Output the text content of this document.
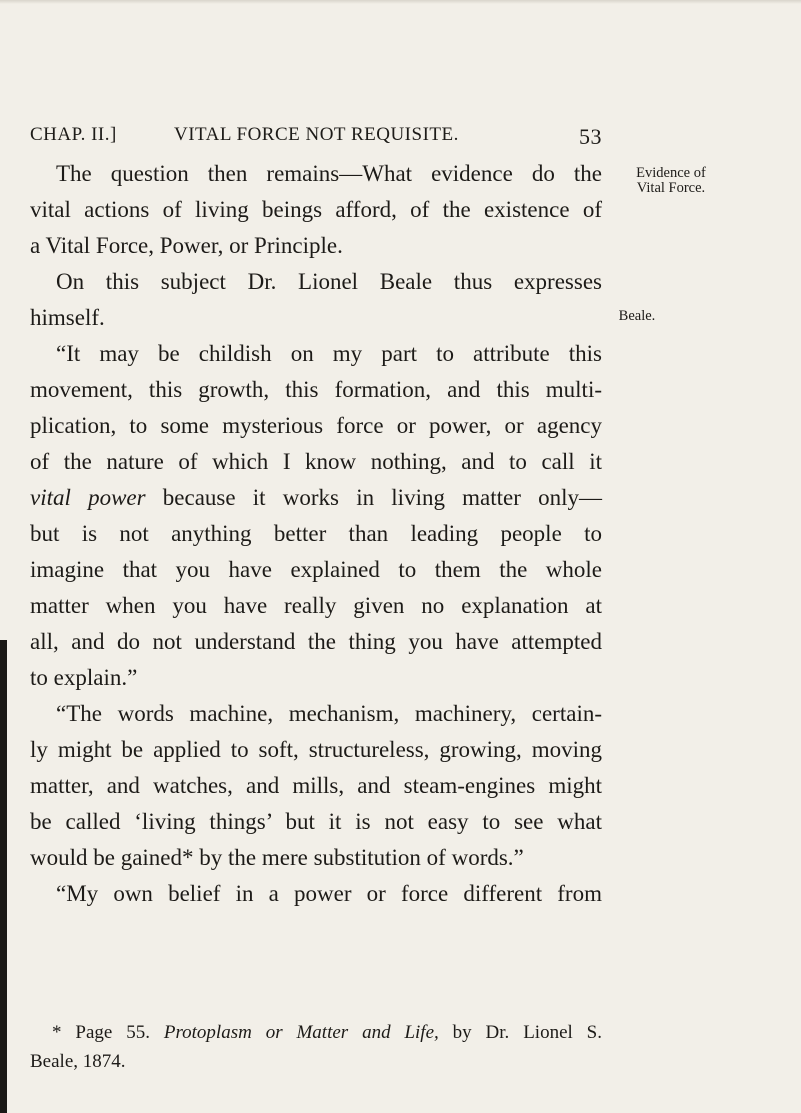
CHAP. II.]	VITAL FORCE NOT REQUISITE.	53
Evidence of
Vital Force.
Beale.
The question then remains—What evidence do the
vital actions of living beings afford, of the existence of
a Vital Force, Power, or Principle.
On this subject Dr. Lionel Beale thus expresses
himself.
“It may be childish on my part to attribute this
movement, this growth, this formation, and this multi-
plication, to some mysterious force or power, or agency
of the nature of which I know nothing, and to call it
vital power because it works in living matter only—
but is not anything better than leading people to
imagine that you have explained to them the whole
matter when you have really given no explanation at
all, and do not understand the thing you have attempted
to explain.”
“The words machine, mechanism, machinery, certain-
ly might be applied to soft, structureless, growing, moving
matter, and watches, and mills, and steam-engines might
be called ‘living things’ but it is not easy to see what
would be gained* by the mere substitution of words.”
“My own belief in a power or force different from
* Page 55. Protoplasm or Matter and Life, by Dr. Lionel S.
Beale, 1874.
